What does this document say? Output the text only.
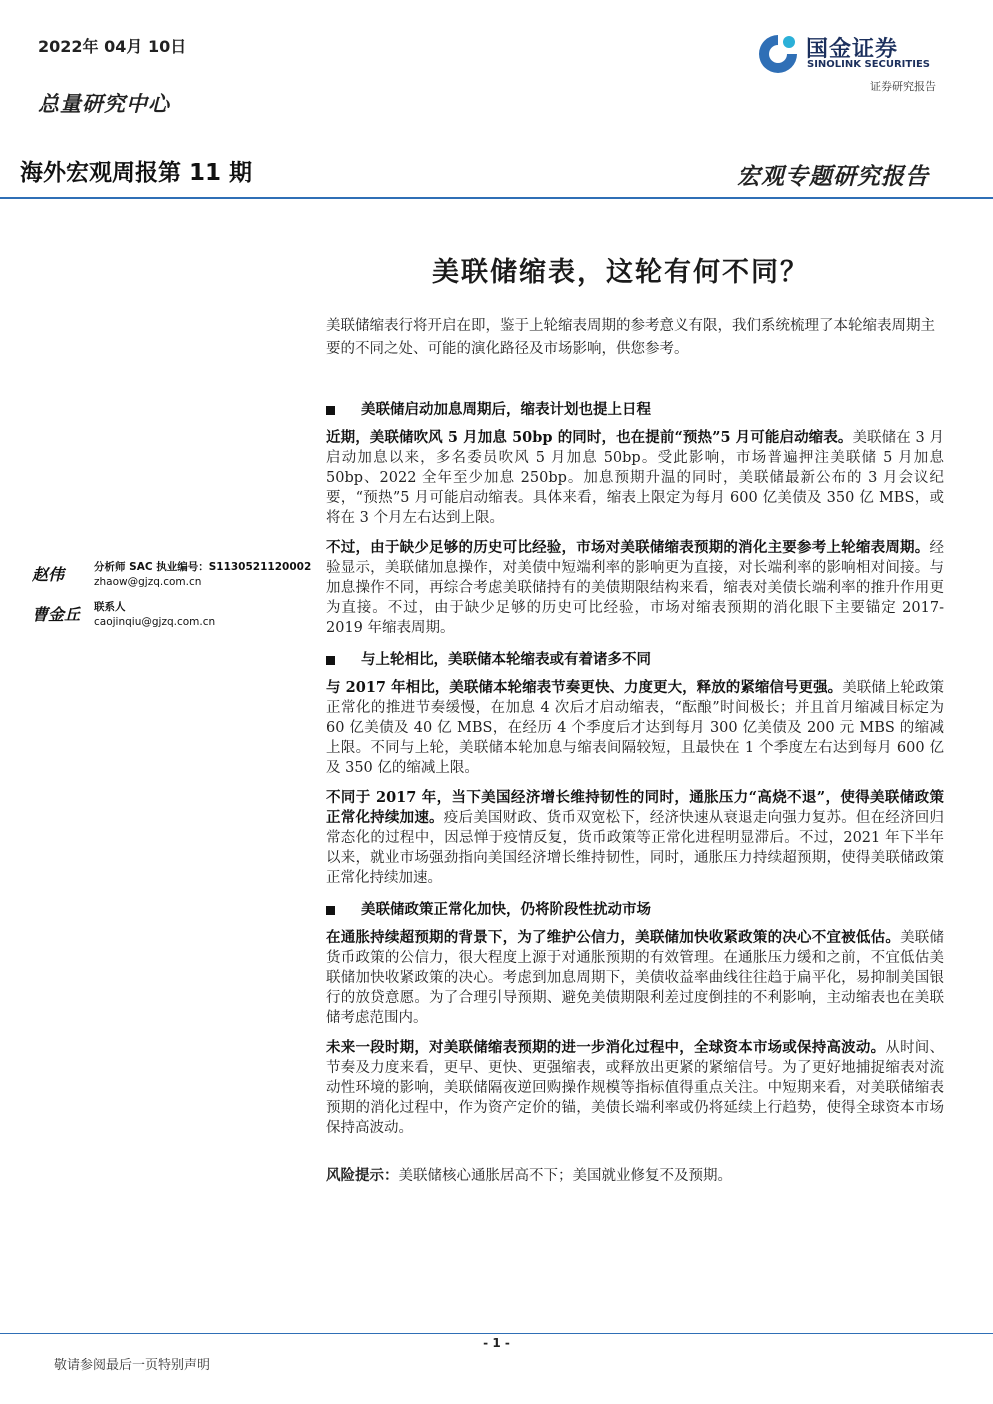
2022年 04月 10日
总量研究中心
国金证券
SINOLINK SECURITIES
证券研究报告
海外宏观周报第 11 期	宏观专题研究报告
美联储缩表，这轮有何不同？
美联储缩表行将开启在即，鉴于上轮缩表周期的参考意义有限，我们系统梳理了本轮缩表周期主要的不同之处、可能的演化路径及市场影响，供您参考。
赵伟	分析师 SAC 执业编号：S1130521120002
zhaow@gjzq.com.cn
曹金丘	联系人
caojinqiu@gjzq.com.cn
美联储启动加息周期后，缩表计划也提上日程

近期，美联储吹风 5 月加息 50bp 的同时，也在提前“预热”5 月可能启动缩表。美联储在 3 月启动加息以来，多名委员吹风 5 月加息 50bp。受此影响，市场普遍押注美联储 5 月加息 50bp、2022 全年至少加息 250bp。加息预期升温的同时，美联储最新公布的 3 月会议纪要，“预热”5 月可能启动缩表。具体来看，缩表上限定为每月 600 亿美债及 350 亿 MBS，或将在 3 个月左右达到上限。

不过，由于缺少足够的历史可比经验，市场对美联储缩表预期的消化主要参考上轮缩表周期。经验显示，美联储加息操作，对美债中短端利率的影响更为直接，对长端利率的影响相对间接。与加息操作不同，再综合考虑美联储持有的美债期限结构来看，缩表对美债长端利率的推升作用更为直接。不过，由于缺少足够的历史可比经验，市场对缩表预期的消化眼下主要锚定 2017-2019 年缩表周期。

与上轮相比，美联储本轮缩表或有着诸多不同

与 2017 年相比，美联储本轮缩表节奏更快、力度更大，释放的紧缩信号更强。美联储上轮政策正常化的推进节奏缓慢，在加息 4 次后才启动缩表，“酝酿”时间极长；并且首月缩减目标定为 60 亿美债及 40 亿 MBS，在经历 4 个季度后才达到每月 300 亿美债及 200 元 MBS 的缩减上限。不同与上轮，美联储本轮加息与缩表间隔较短，且最快在 1 个季度左右达到每月 600 亿及 350 亿的缩减上限。

不同于 2017 年，当下美国经济增长维持韧性的同时，通胀压力“高烧不退”，使得美联储政策正常化持续加速。疫后美国财政、货币双宽松下，经济快速从衰退走向强力复苏。但在经济回归常态化的过程中，因忌惮于疫情反复，货币政策等正常化进程明显滞后。不过，2021 年下半年以来，就业市场强劲指向美国经济增长维持韧性，同时，通胀压力持续超预期，使得美联储政策正常化持续加速。

美联储政策正常化加快，仍将阶段性扰动市场

在通胀持续超预期的背景下，为了维护公信力，美联储加快收紧政策的决心不宜被低估。美联储货币政策的公信力，很大程度上源于对通胀预期的有效管理。在通胀压力缓和之前，不宜低估美联储加快收紧政策的决心。考虑到加息周期下，美债收益率曲线往往趋于扁平化，易抑制美国银行的放贷意愿。为了合理引导预期、避免美债期限利差过度倒挂的不利影响，主动缩表也在美联储考虑范围内。

未来一段时期，对美联储缩表预期的进一步消化过程中，全球资本市场或保持高波动。从时间、节奏及力度来看，更早、更快、更强缩表，或释放出更紧的紧缩信号。为了更好地捕捉缩表对流动性环境的影响，美联储隔夜逆回购操作规模等指标值得重点关注。中短期来看，对美联储缩表预期的消化过程中，作为资产定价的锚，美债长端利率或仍将延续上行趋势，使得全球资本市场保持高波动。

风险提示：美联储核心通胀居高不下；美国就业修复不及预期。
- 1 -
敬请参阅最后一页特别声明
